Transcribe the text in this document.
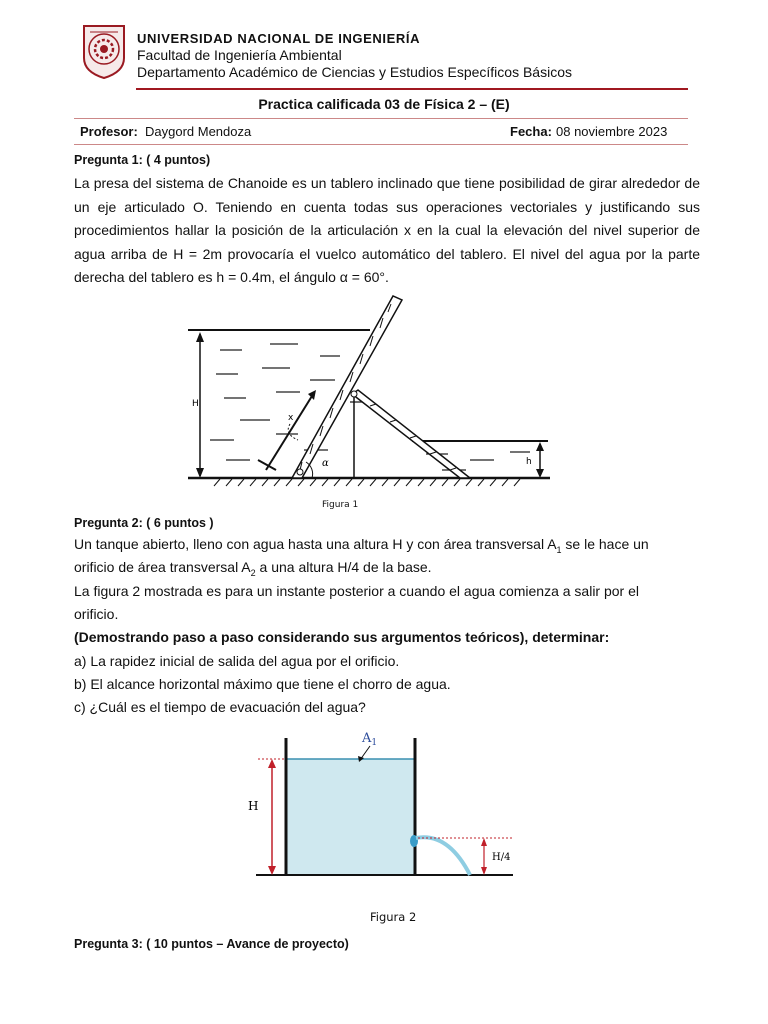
UNIVERSIDAD NACIONAL DE INGENIERÍA
Facultad de Ingeniería Ambiental
Departamento Académico de Ciencias y Estudios Específicos Básicos
Practica calificada 03 de Física 2 – (E)
Profesor: Daygord Mendoza	Fecha: 08 noviembre 2023
Pregunta 1: ( 4 puntos)
La presa del sistema de Chanoide es un tablero inclinado que tiene posibilidad de girar alrededor de un eje articulado O. Teniendo en cuenta todas sus operaciones vectoriales y justificando sus procedimientos hallar la posición de la articulación x en la cual la elevación del nivel superior de agua arriba de H = 2m provocaría el vuelco automático del tablero. El nivel del agua por la parte derecha del tablero es h = 0.4m, el ángulo α = 60°.
H
h
α
x
Figura 1
Pregunta 2: ( 6 puntos )
Un tanque abierto, lleno con agua hasta una altura H y con área transversal $A_1$ se le hace un
orificio de área transversal $A_2$ a una altura H/4 de la base.
La figura 2 mostrada es para un instante posterior a cuando el agua comienza a salir por el
orificio.
(Demostrando paso a paso considerando sus argumentos teóricos), determinar:
a) La rapidez inicial de salida del agua por el orificio.
b) El alcance horizontal máximo que tiene el chorro de agua.
c) ¿Cuál es el tiempo de evacuación del agua?
$A_1$
H
H/4
Figura 2
Pregunta 3: ( 10 puntos – Avance de proyecto)
